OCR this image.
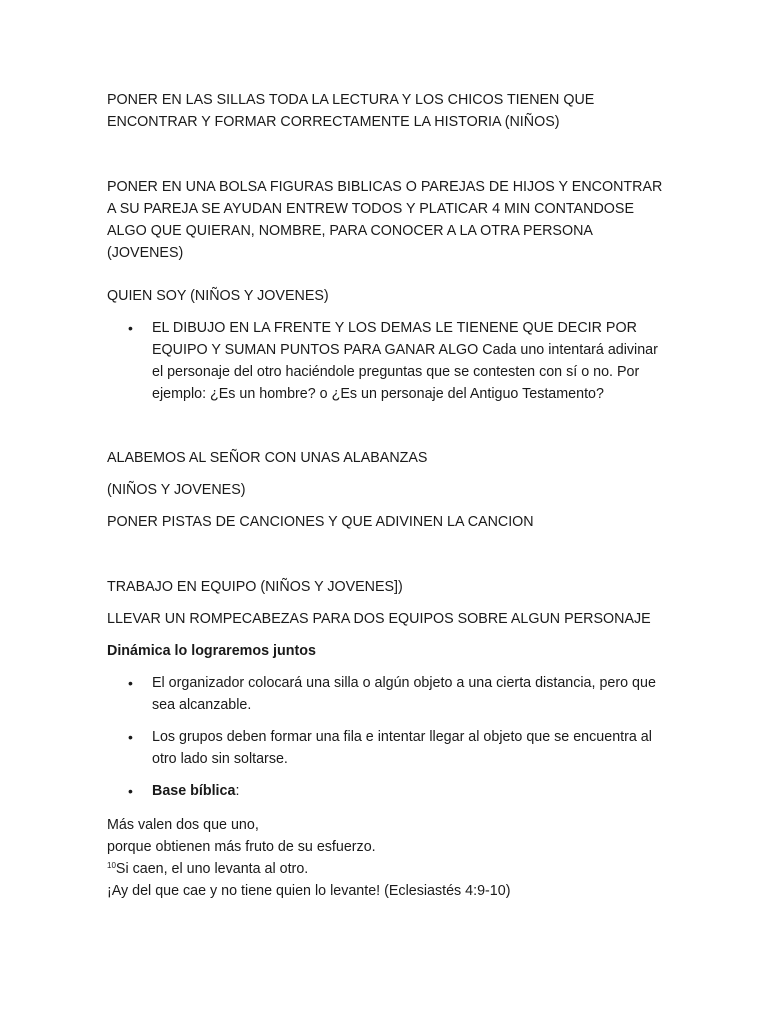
PONER EN LAS SILLAS TODA LA LECTURA Y LOS CHICOS TIENEN QUE ENCONTRAR Y FORMAR CORRECTAMENTE LA HISTORIA (NIÑOS)

PONER EN UNA BOLSA FIGURAS BIBLICAS O PAREJAS DE HIJOS Y ENCONTRAR A SU PAREJA SE AYUDAN ENTREW TODOS Y PLATICAR 4 MIN CONTANDOSE ALGO QUE QUIERAN, NOMBRE, PARA CONOCER A LA OTRA PERSONA (JOVENES)

QUIEN SOY (NIÑOS Y JOVENES)

• EL DIBUJO EN LA FRENTE Y LOS DEMAS LE TIENENE QUE DECIR POR EQUIPO Y SUMAN PUNTOS PARA GANAR ALGO Cada uno intentará adivinar el personaje del otro haciéndole preguntas que se contesten con sí o no. Por ejemplo: ¿Es un hombre? o ¿Es un personaje del Antiguo Testamento?

ALABEMOS AL SEÑOR CON UNAS ALABANZAS

(NIÑOS Y JOVENES)

PONER PISTAS DE CANCIONES Y QUE ADIVINEN LA CANCION

TRABAJO EN EQUIPO (NIÑOS Y JOVENES])

LLEVAR UN ROMPECABEZAS PARA DOS EQUIPOS SOBRE ALGUN PERSONAJE

Dinámica lo lograremos juntos

• El organizador colocará una silla o algún objeto a una cierta distancia, pero que sea alcanzable.
• Los grupos deben formar una fila e intentar llegar al objeto que se encuentra al otro lado sin soltarse.
• Base bíblica:

Más valen dos que uno,

porque obtienen más fruto de su esfuerzo.

$^{10}$Si caen, el uno levanta al otro.

¡Ay del que cae y no tiene quien lo levante! (Eclesiastés 4:9-10)
